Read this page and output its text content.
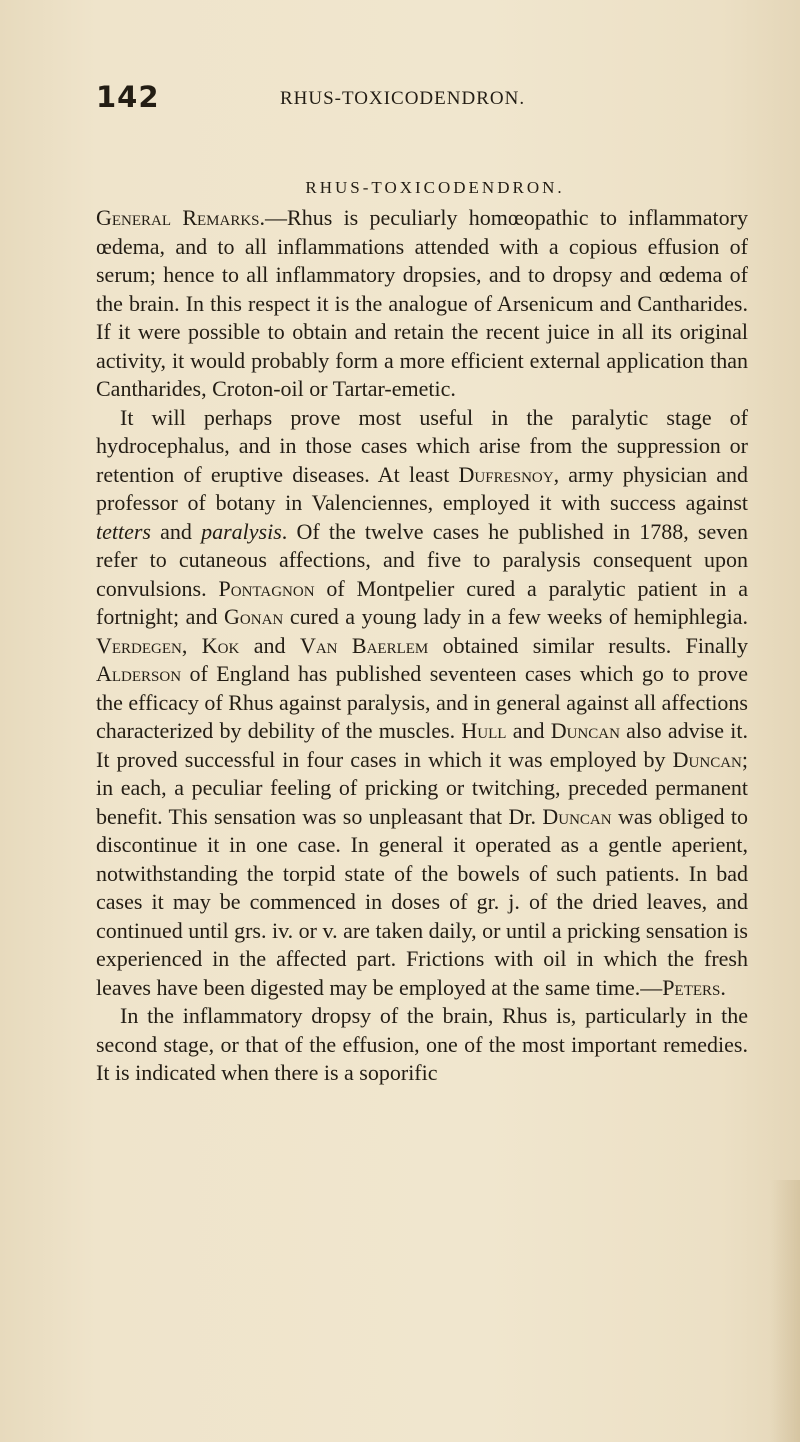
142	RHUS-TOXICODENDRON.
RHUS-TOXICODENDRON.

General Remarks.—Rhus is peculiarly homœopathic to inflammatory œdema, and to all inflammations attended with a copious effusion of serum; hence to all inflammatory dropsies, and to dropsy and œdema of the brain. In this respect it is the analogue of Arsenicum and Cantharides. If it were possible to obtain and retain the recent juice in all its original activity, it would probably form a more efficient external application than Cantharides, Croton-oil or Tartar-emetic.

It will perhaps prove most useful in the paralytic stage of hydrocephalus, and in those cases which arise from the suppression or retention of eruptive diseases. At least Dufresnoy, army physician and professor of botany in Valenciennes, employed it with success against tetters and paralysis. Of the twelve cases he published in 1788, seven refer to cutaneous affections, and five to paralysis consequent upon convulsions. Pontagnon of Montpelier cured a paralytic patient in a fortnight; and Gonan cured a young lady in a few weeks of hemiphlegia. Verdegen, Kok and Van Baerlem obtained similar results. Finally Alderson of England has published seventeen cases which go to prove the efficacy of Rhus against paralysis, and in general against all affections characterized by debility of the muscles. Hull and Duncan also advise it. It proved successful in four cases in which it was employed by Duncan; in each, a peculiar feeling of pricking or twitching, preceded permanent benefit. This sensation was so unpleasant that Dr. Duncan was obliged to discontinue it in one case. In general it operated as a gentle aperient, notwithstanding the torpid state of the bowels of such patients. In bad cases it may be commenced in doses of gr. j. of the dried leaves, and continued until grs. iv. or v. are taken daily, or until a pricking sensation is experienced in the affected part. Frictions with oil in which the fresh leaves have been digested may be employed at the same time.—Peters.

In the inflammatory dropsy of the brain, Rhus is, particularly in the second stage, or that of the effusion, one of the most important remedies. It is indicated when there is a soporific
